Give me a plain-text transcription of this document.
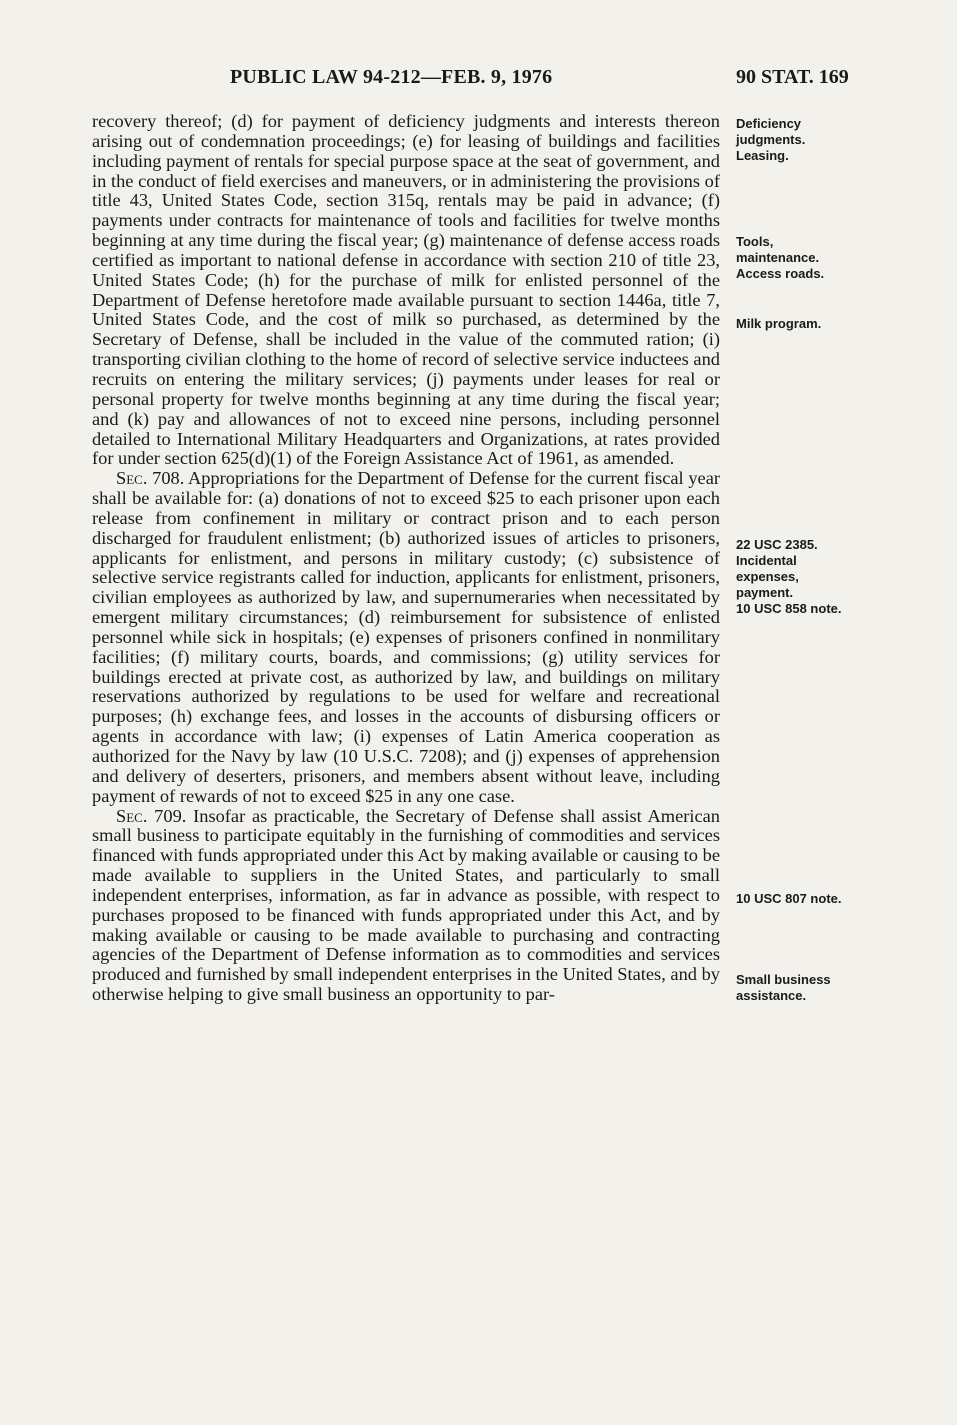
PUBLIC LAW 94-212—FEB. 9, 1976	90 STAT. 169

recovery thereof; (d) for payment of deficiency judgments and interests thereon arising out of condemnation proceedings; (e) for leasing of buildings and facilities including payment of rentals for special purpose space at the seat of government, and in the conduct of field exercises and maneuvers, or in administering the provisions of title 43, United States Code, section 315q, rentals may be paid in advance; (f) payments under contracts for maintenance of tools and facilities for twelve months beginning at any time during the fiscal year; (g) maintenance of defense access roads certified as important to national defense in accordance with section 210 of title 23, United States Code; (h) for the purchase of milk for enlisted personnel of the Department of Defense heretofore made available pursuant to section 1446a, title 7, United States Code, and the cost of milk so purchased, as determined by the Secretary of Defense, shall be included in the value of the commuted ration; (i) transporting civilian clothing to the home of record of selective service inductees and recruits on entering the military services; (j) payments under leases for real or personal property for twelve months beginning at any time during the fiscal year; and (k) pay and allowances of not to exceed nine persons, including personnel detailed to International Military Headquarters and Organizations, at rates provided for under section 625(d)(1) of the Foreign Assistance Act of 1961, as amended.

Sec. 708. Appropriations for the Department of Defense for the current fiscal year shall be available for: (a) donations of not to exceed $25 to each prisoner upon each release from confinement in military or contract prison and to each person discharged for fraudulent enlistment; (b) authorized issues of articles to prisoners, applicants for enlistment, and persons in military custody; (c) subsistence of selective service registrants called for induction, applicants for enlistment, prisoners, civilian employees as authorized by law, and supernumeraries when necessitated by emergent military circumstances; (d) reimbursement for subsistence of enlisted personnel while sick in hospitals; (e) expenses of prisoners confined in nonmilitary facilities; (f) military courts, boards, and commissions; (g) utility services for buildings erected at private cost, as authorized by law, and buildings on military reservations authorized by regulations to be used for welfare and recreational purposes; (h) exchange fees, and losses in the accounts of disbursing officers or agents in accordance with law; (i) expenses of Latin America cooperation as authorized for the Navy by law (10 U.S.C. 7208); and (j) expenses of apprehension and delivery of deserters, prisoners, and members absent without leave, including payment of rewards of not to exceed $25 in any one case.

Sec. 709. Insofar as practicable, the Secretary of Defense shall assist American small business to participate equitably in the furnishing of commodities and services financed with funds appropriated under this Act by making available or causing to be made available to suppliers in the United States, and particularly to small independent enterprises, information, as far in advance as possible, with respect to purchases proposed to be financed with funds appropriated under this Act, and by making available or causing to be made available to purchasing and contracting agencies of the Department of Defense information as to commodities and services produced and furnished by small independent enterprises in the United States, and by otherwise helping to give small business an opportunity to par-

Deficiency
judgments.
Leasing.
Tools,
maintenance.
Access roads.
Milk program.
22 USC 2385.
Incidental
expenses,
payment.
10 USC 858 note.
10 USC 807 note.
Small business
assistance.
